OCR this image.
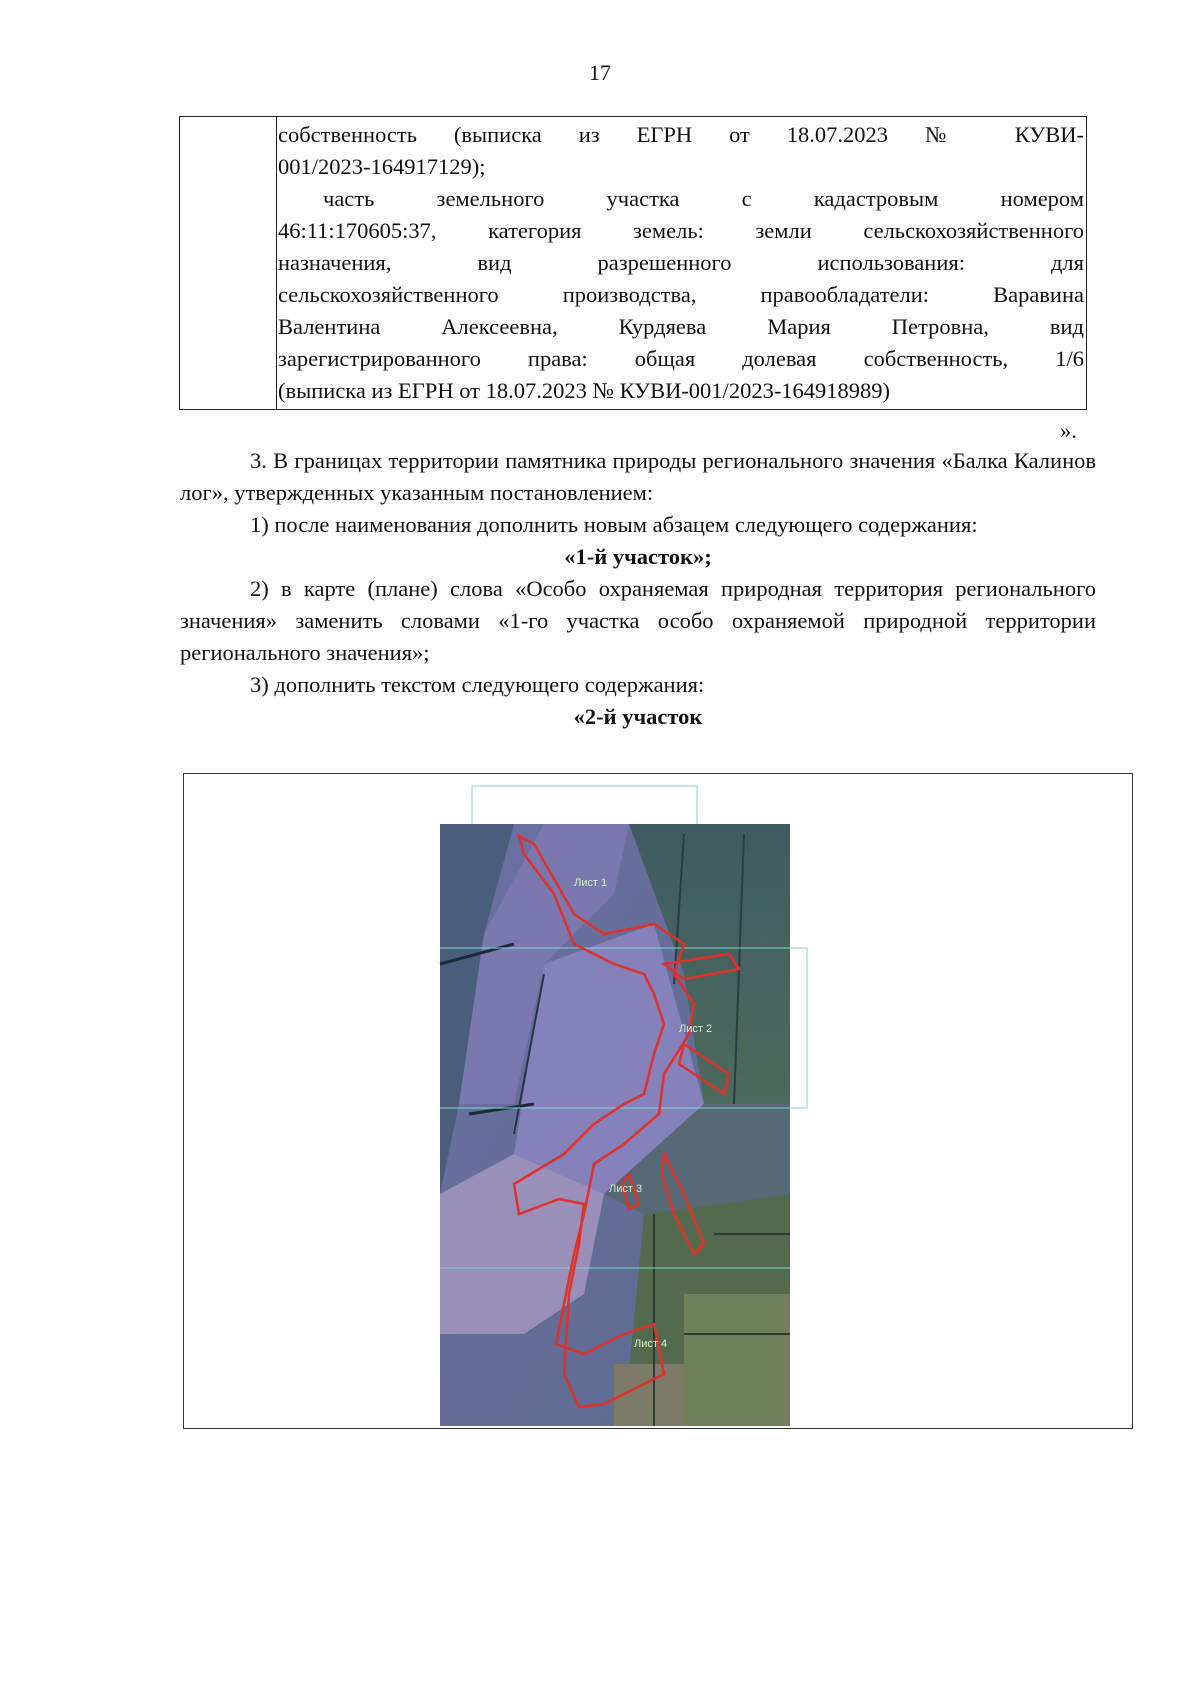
17

собственность (выписка из ЕГРН от 18.07.2023 № КУВИ-

001/2023-164917129);

часть земельного участка с кадастровым номером

46:11:170605:37, категория земель: земли сельскохозяйственного

назначения, вид разрешенного использования: для

сельскохозяйственного производства, правообладатели: Варавина

Валентина Алексеевна, Курдяева Мария Петровна, вид

зарегистрированного права: общая долевая собственность, 1/6

(выписка из ЕГРН от 18.07.2023 № КУВИ-001/2023-164918989)

».

3. В границах территории памятника природы регионального значения «Балка Калинов лог», утвержденных указанным постановлением:

1) после наименования дополнить новым абзацем следующего содержания:

«1-й участок»;

2) в карте (плане) слова «Особо охраняемая природная территория регионального значения» заменить словами «1-го участка особо охраняемой природной территории регионального значения»;

3) дополнить текстом следующего содержания:

«2-й участок

Лист 1
Лист 2
Лист 3
Лист 4
